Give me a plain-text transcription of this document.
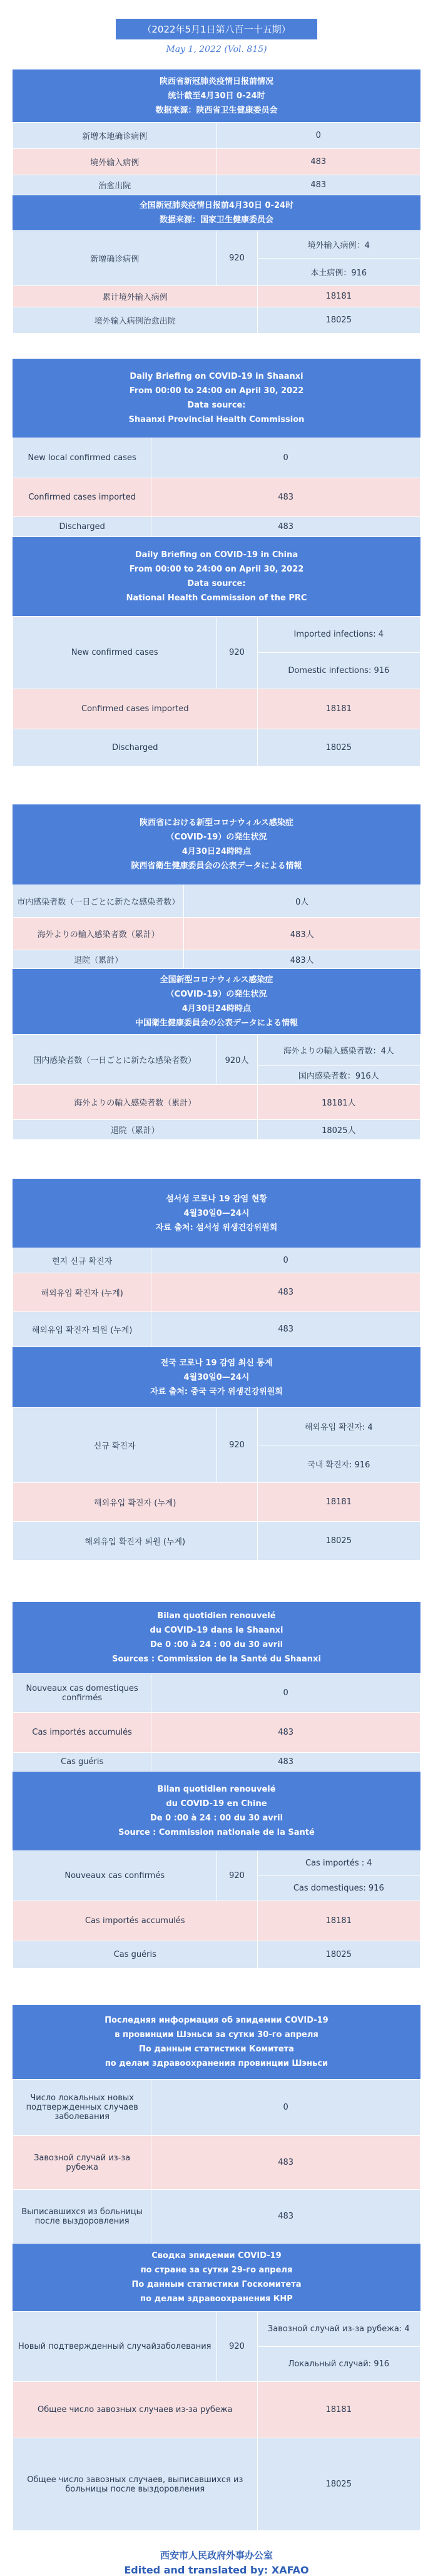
（2022年5月1日第八百一十五期）
May 1, 2022 (Vol. 815)
陕西省新冠肺炎疫情日报前情况
统计截至4月30日 0-24时
数据来源：陕西省卫生健康委员会
新增本地确诊病例	0
境外输入病例	483
治愈出院	483
全国新冠肺炎疫情日报前4月30日 0-24时
数据来源：国家卫生健康委员会
新增确诊病例	920	境外输入病例：4
		本土病例：916
累计境外输入病例		18181
境外输入病例治愈出院		18025
Daily Briefing on COVID-19 in Shaanxi
From 00:00 to 24:00 on April 30, 2022
Data source:
Shaanxi Provincial Health Commission
New local confirmed cases	0
Confirmed cases imported	483
Discharged	483
Daily Briefing on COVID-19 in China
From 00:00 to 24:00 on April 30, 2022
Data source:
National Health Commission of the PRC
New confirmed cases	920	Imported infections: 4
		Domestic infections: 916
Confirmed cases imported		18181
Discharged		18025
陝西省における新型コロナウィルス感染症
（COVID-19）の発生状況
4月30日24時時点
陝西省衛生健康委員会の公表データによる情報
市内感染者数（一日ごとに新たな感染者数）	0人
海外よりの輸入感染者数（累計）	483人
退院（累計）	483人
全国新型コロナウィルス感染症
（COVID-19）の発生状況
4月30日24時時点
中国衛生健康委員会の公表データによる情報
国内感染者数（一日ごとに新たな感染者数）	920人	海外よりの輸入感染者数：4人
		国内感染者数：916人
海外よりの輸入感染者数（累計）		18181人
退院（累計）		18025人
섬서성 코로나 19 감염 현황
4월30일0—24시
자료 출처: 섬서성 위생건강위원회
현지 신규 확진자	0
해외유입 확진자 (누계)	483
해외유입 확진자 퇴원 (누계)	483
전국 코로나 19 감염 최신 통계
4월30일0—24시
자료 출처: 중국 국가 위생건강위원회
신규 확진자	920	해외유입 확진자: 4
		국내 확진자: 916
해외유입 확진자 (누계)		18181
해외유입 확진자 퇴원 (누계)		18025
Bilan quotidien renouvelé
du COVID-19 dans le Shaanxi
De 0 :00 à 24 : 00 du 30 avril
Sources : Commission de la Santé du Shaanxi
Nouveaux cas domestiques confirmés	0
Cas importés accumulés	483
Cas guéris	483
Bilan quotidien renouvelé
du COVID-19 en Chine
De 0 :00 à 24 : 00 du 30 avril
Source : Commission nationale de la Santé
Nouveaux cas confirmés	920	Cas importés : 4
		Cas domestiques: 916
Cas importés accumulés		18181
Cas guéris		18025
Последняя информация об эпидемии COVID-19
в провинции Шэньси за сутки 30-го апреля
По данным статистики Комитета
по делам здравоохранения провинции Шэньси
Число локальных новых подтвержденных случаев заболевания	0
Завозной случай из-за рубежа	483
Выписавшихся из больницы после выздоровления	483
Сводка эпидемии COVID-19
по стране за сутки 29-го апреля
По данным статистики Госкомитета
по делам здравоохранения КНР
Новый подтвержденный случайзаболевания	920	Завозной случай из-за рубежа: 4
		Локальный случай: 916
Общее число завозных случаев из-за рубежа		18181
Общее число завозных случаев, выписавшихся из больницы после выздоровления		18025
西安市人民政府外事办公室
Edited and translated by: XAFAO
